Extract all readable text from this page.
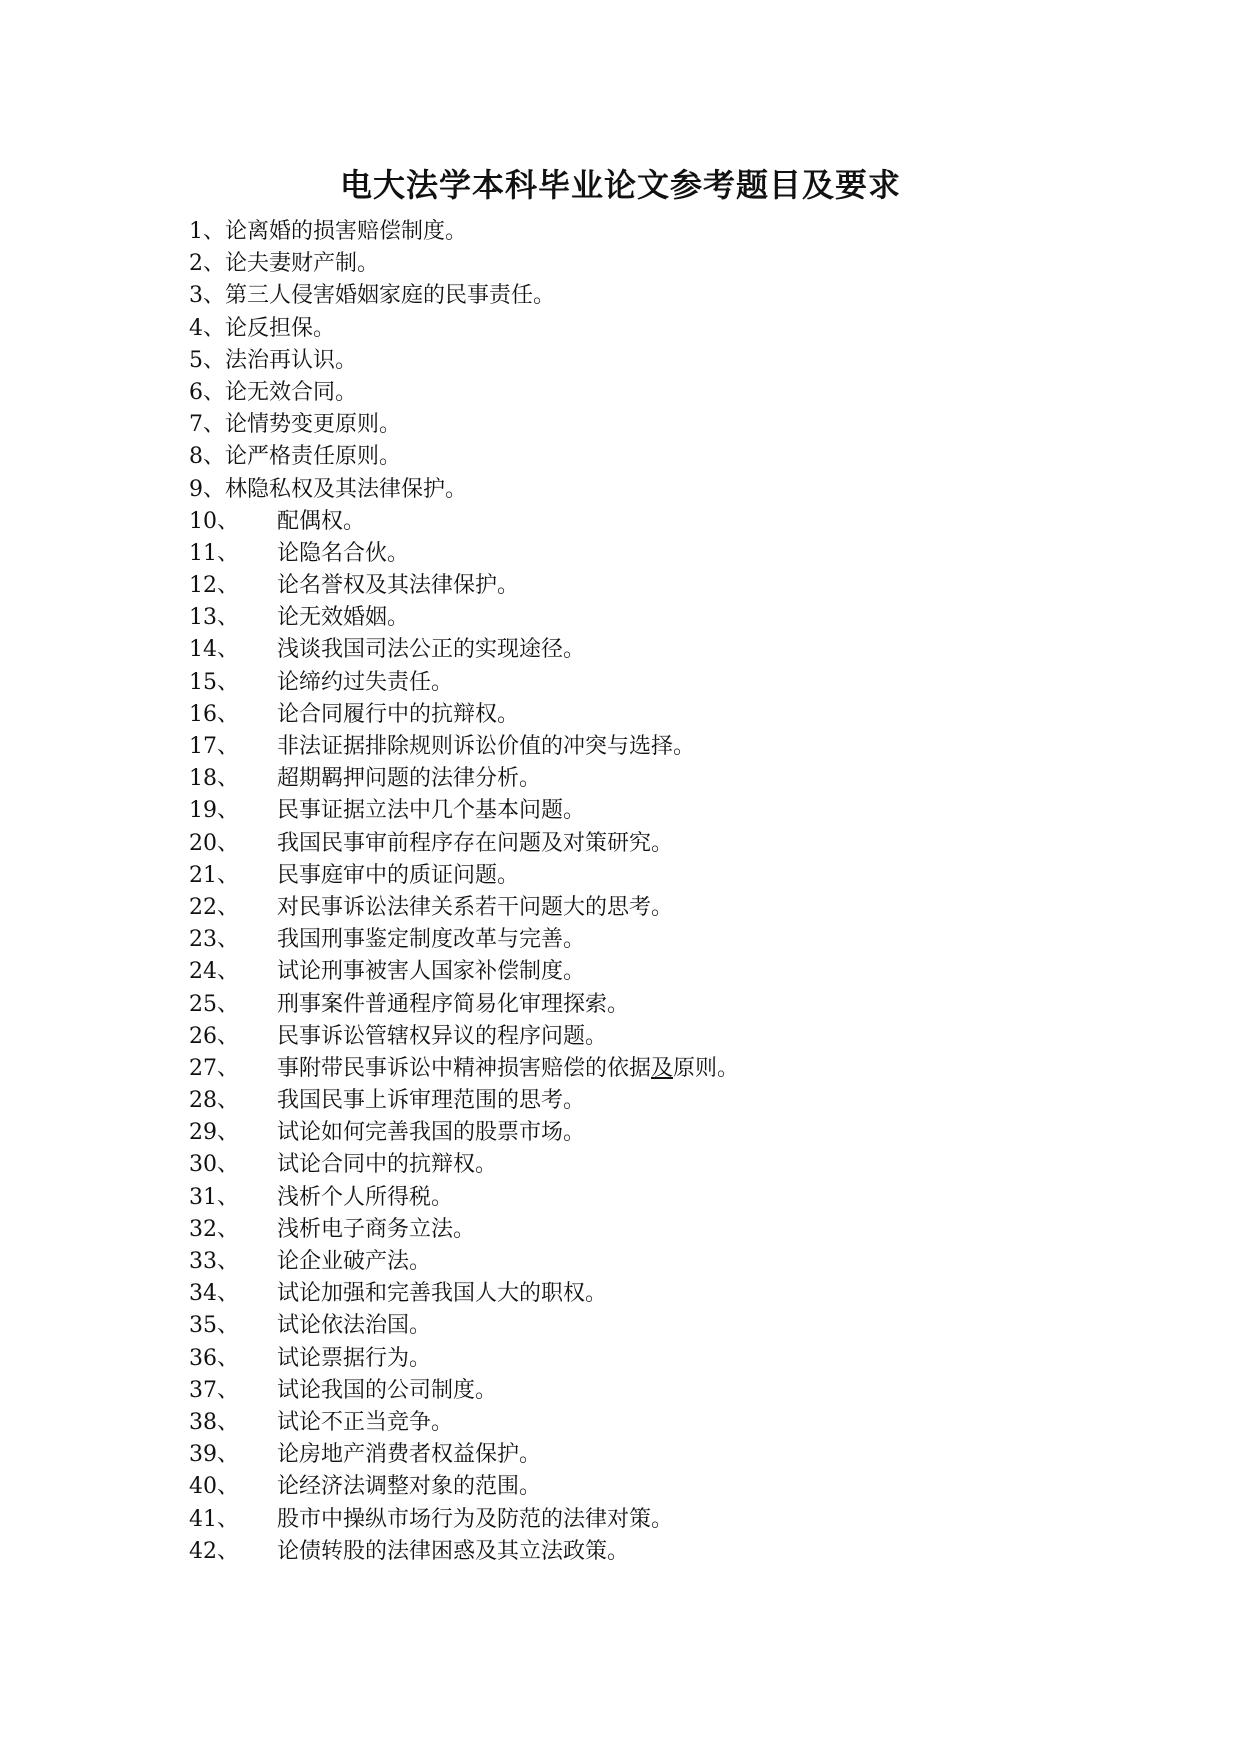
电大法学本科毕业论文参考题目及要求
1、 论离婚的损害赔偿制度。
2、 论夫妻财产制。
3、 第三人侵害婚姻家庭的民事责任。
4、 论反担保。
5、 法治再认识。
6、 论无效合同。
7、 论情势变更原则。
8、 论严格责任原则。
9、 林隐私权及其法律保护。
10、	配偶权。
11、	论隐名合伙。
12、	论名誉权及其法律保护。
13、	论无效婚姻。
14、	浅谈我国司法公正的实现途径。
15、	论缔约过失责任。
16、	论合同履行中的抗辩权。
17、	非法证据排除规则诉讼价值的冲突与选择。
18、	超期羁押问题的法律分析。
19、	民事证据立法中几个基本问题。
20、	我国民事审前程序存在问题及对策研究。
21、	民事庭审中的质证问题。
22、	对民事诉讼法律关系若干问题大的思考。
23、	我国刑事鉴定制度改革与完善。
24、	试论刑事被害人国家补偿制度。
25、	刑事案件普通程序简易化审理探索。
26、	民事诉讼管辖权异议的程序问题。
27、	事附带民事诉讼中精神损害赔偿的依据及原则。
28、	我国民事上诉审理范围的思考。
29、	试论如何完善我国的股票市场。
30、	试论合同中的抗辩权。
31、	浅析个人所得税。
32、	浅析电子商务立法。
33、	论企业破产法。
34、	试论加强和完善我国人大的职权。
35、	试论依法治国。
36、	试论票据行为。
37、	试论我国的公司制度。
38、	试论不正当竞争。
39、	论房地产消费者权益保护。
40、	论经济法调整对象的范围。
41、	股市中操纵市场行为及防范的法律对策。
42、	论债转股的法律困惑及其立法政策。
